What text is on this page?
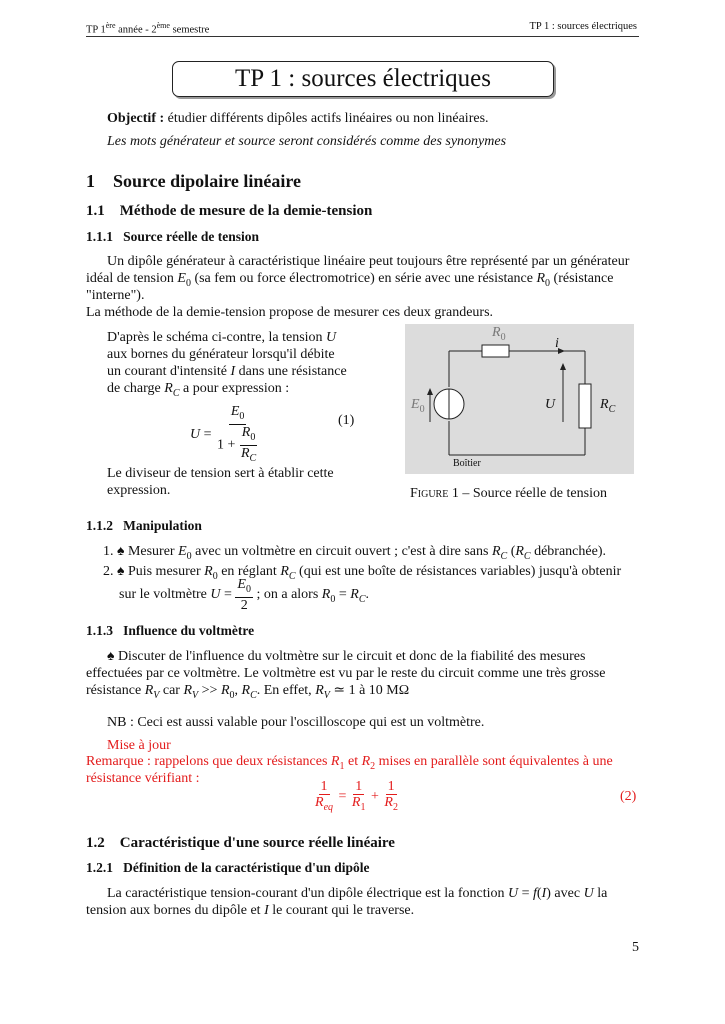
TP 1ère année - 2ème semestre	TP 1 : sources électriques
TP 1 : sources électriques
Objectif : étudier différents dipôles actifs linéaires ou non linéaires.
Les mots générateur et source seront considérés comme des synonymes
1 Source dipolaire linéaire
1.1 Méthode de mesure de la demie-tension
1.1.1 Source réelle de tension
Un dipôle générateur à caractéristique linéaire peut toujours être représenté par un générateur
idéal de tension $E_0$ (sa fem ou force électromotrice) en série avec une résistance $R_0$ (résistance
"interne").
La méthode de la demie-tension propose de mesurer ces deux grandeurs.
D'après le schéma ci-contre, la tension U
aux bornes du générateur lorsqu'il débite
un courant d'intensité I dans une résistance
de charge $R_C$ a pour expression :
$U = \frac{E_0}{1 + \frac{R_0}{R_C}}$	(1)
Le diviseur de tension sert à établir cette
expression.
$R_0$	i
$E_0$	U	$R_C$
Boîtier
Figure 1 – Source réelle de tension
1.1.2 Manipulation
1. ♠ Mesurer $E_0$ avec un voltmètre en circuit ouvert ; c'est à dire sans $R_C$ ($R_C$ débranchée).
2. ♠ Puis mesurer $R_0$ en réglant $R_C$ (qui est une boîte de résistances variables) jusqu'à obtenir
sur le voltmètre $U = \frac{E_0}{2}$ ; on a alors $R_0 = R_C$.
1.1.3 Influence du voltmètre
♠ Discuter de l'influence du voltmètre sur le circuit et donc de la fiabilité des mesures
effectuées par ce voltmètre. Le voltmètre est vu par le reste du circuit comme une très grosse
résistance $R_V$ car $R_V >> R_0$, $R_C$. En effet, $R_V$ ≃ 1 à 10 MΩ
NB : Ceci est aussi valable pour l'oscilloscope qui est un voltmètre.
Mise à jour
Remarque : rappelons que deux résistances $R_1$ et $R_2$ mises en parallèle sont équivalentes à une
résistance vérifiant :
$\frac{1}{R_{eq}} = \frac{1}{R_1} + \frac{1}{R_2}$	(2)
1.2 Caractéristique d'une source réelle linéaire
1.2.1 Définition de la caractéristique d'un dipôle
La caractéristique tension-courant d'un dipôle électrique est la fonction U = f(I) avec U la
tension aux bornes du dipôle et I le courant qui le traverse.
5
